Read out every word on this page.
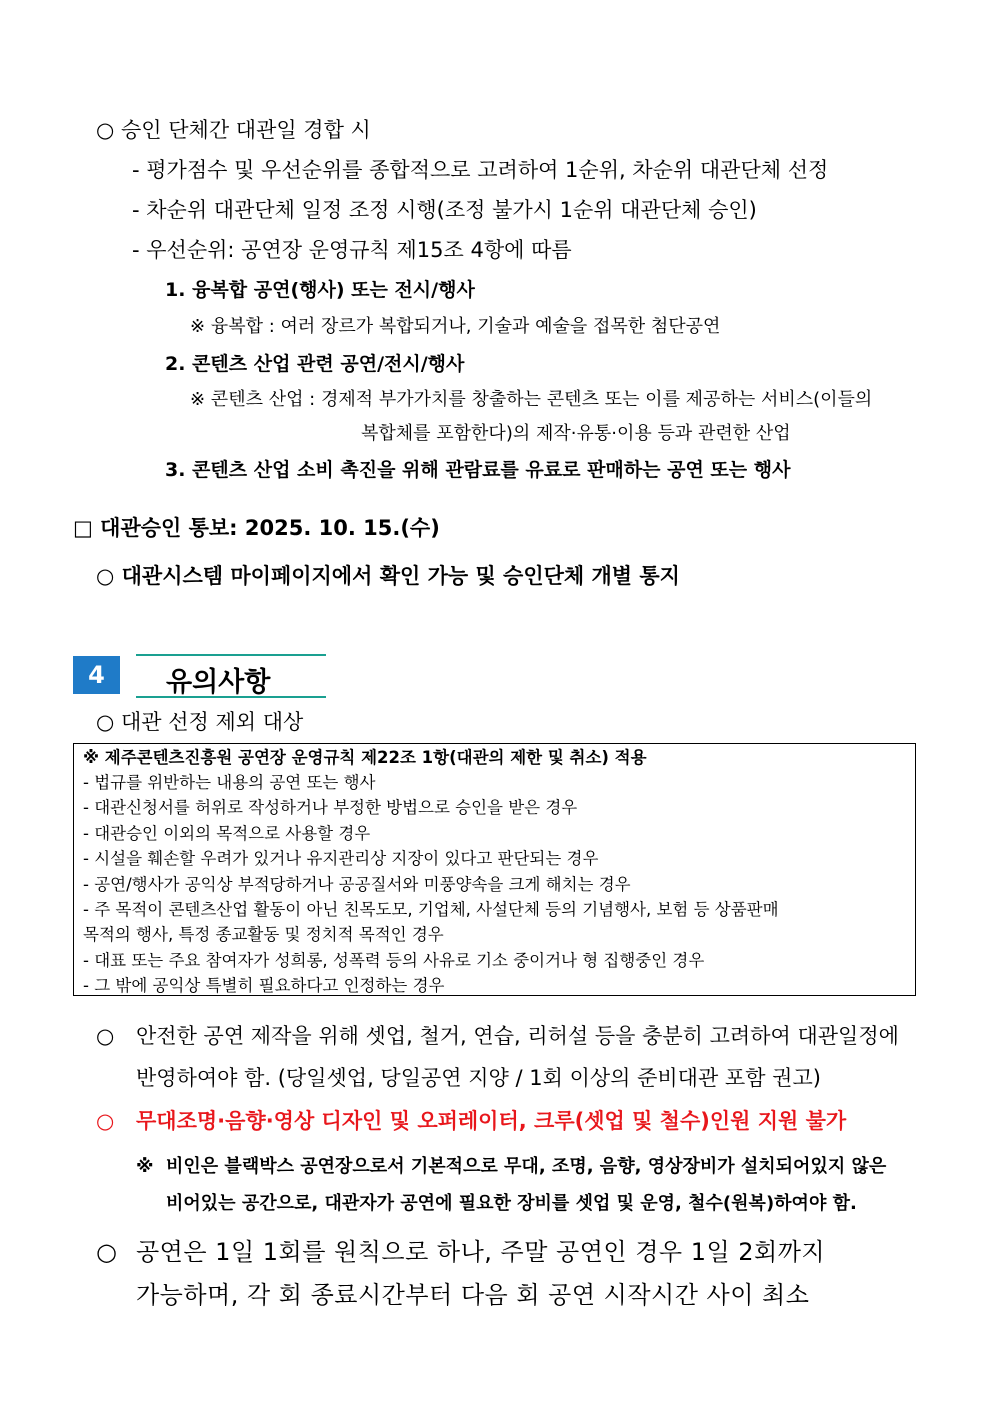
○ 승인 단체간 대관일 경합 시
- 평가점수 및 우선순위를 종합적으로 고려하여 1순위, 차순위 대관단체 선정
- 차순위 대관단체 일정 조정 시행(조정 불가시 1순위 대관단체 승인)
- 우선순위: 공연장 운영규칙 제15조 4항에 따름
1. 융복합 공연(행사) 또는 전시/행사
※ 융복합 : 여러 장르가 복합되거나, 기술과 예술을 접목한 첨단공연
2. 콘텐츠 산업 관련 공연/전시/행사
※ 콘텐츠 산업 : 경제적 부가가치를 창출하는 콘텐츠 또는 이를 제공하는 서비스(이들의
복합체를 포함한다)의 제작·유통·이용 등과 관련한 산업
3. 콘텐츠 산업 소비 촉진을 위해 관람료를 유료로 판매하는 공연 또는 행사
□ 대관승인 통보: 2025. 10. 15.(수)
○ 대관시스템 마이페이지에서 확인 가능 및 승인단체 개별 통지
4	유의사항
○ 대관 선정 제외 대상
※ 제주콘텐츠진흥원 공연장 운영규칙 제22조 1항(대관의 제한 및 취소) 적용
- 법규를 위반하는 내용의 공연 또는 행사
- 대관신청서를 허위로 작성하거나 부정한 방법으로 승인을 받은 경우
- 대관승인 이외의 목적으로 사용할 경우
- 시설을 훼손할 우려가 있거나 유지관리상 지장이 있다고 판단되는 경우
- 공연/행사가 공익상 부적당하거나 공공질서와 미풍양속을 크게 해치는 경우
- 주 목적이 콘텐츠산업 활동이 아닌 친목도모, 기업체, 사설단체 등의 기념행사, 보험 등 상품판매
목적의 행사, 특정 종교활동 및 정치적 목적인 경우
- 대표 또는 주요 참여자가 성희롱, 성폭력 등의 사유로 기소 중이거나 형 집행중인 경우
- 그 밖에 공익상 특별히 필요하다고 인정하는 경우
○ 안전한 공연 제작을 위해 셋업, 철거, 연습, 리허설 등을 충분히 고려하여 대관일정에
반영하여야 함. (당일셋업, 당일공연 지양 / 1회 이상의 준비대관 포함 권고)
○ 무대조명·음향·영상 디자인 및 오퍼레이터, 크루(셋업 및 철수)인원 지원 불가
※ 비인은 블랙박스 공연장으로서 기본적으로 무대, 조명, 음향, 영상장비가 설치되어있지 않은
비어있는 공간으로, 대관자가 공연에 필요한 장비를 셋업 및 운영, 철수(원복)하여야 함.
○ 공연은 1일 1회를 원칙으로 하나, 주말 공연인 경우 1일 2회까지
가능하며, 각 회 종료시간부터 다음 회 공연 시작시간 사이 최소
